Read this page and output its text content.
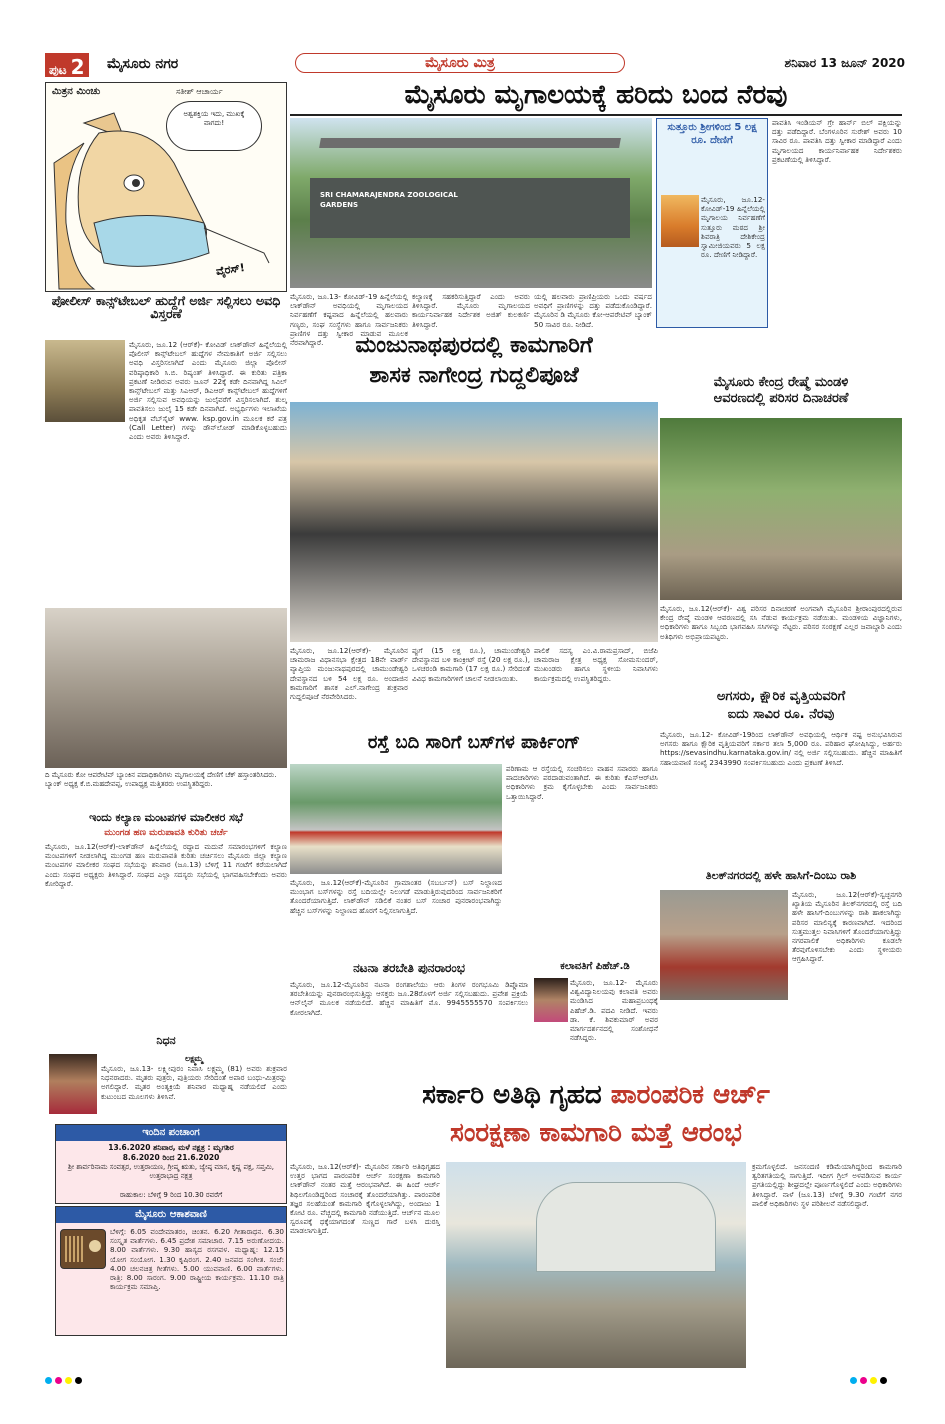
ಪುಟ 2 ಮೈಸೂರು ನಗರ	ಮೈಸೂರು ಮಿತ್ರ	ಶನಿವಾರ 13 ಜೂನ್ 2020
ಮಿತ್ರನ ಮಿಂಚು	ಸತೀಶ್ ಆಚಾರ್ಯ
ಅಶ್ವಶಕ್ತಿಯ ಇದು, ಮುಖಕ್ಕೆ ವಾಗದು!
ವೈರಸ್!
ಪೋಲೀಸ್ ಕಾನ್ಸ್‌ಟೇಬಲ್ ಹುದ್ದೆಗೆ ಅರ್ಜಿ ಸಲ್ಲಿಸಲು ಅವಧಿ ವಿಸ್ತರಣೆ
ಮೈಸೂರು, ಜೂ.12 (ಆರ್‌ಕೆ)- ಕೋವಿಡ್ ಲಾಕ್‌ಡೌನ್ ಹಿನ್ನೆಲೆಯಲ್ಲಿ ಪೊಲೀಸ್ ಕಾನ್ಸ್‌ಟೇಬಲ್ ಹುದ್ದೆಗಳ ನೇಮಕಾತಿಗೆ ಅರ್ಜಿ ಸಲ್ಲಿಸಲು ಅವಧಿ ವಿಸ್ತರಿಸಲಾಗಿದೆ ಎಂದು ಮೈಸೂರು ಜಿಲ್ಲಾ ಪೊಲೀಸ್ ವರಿಷ್ಠಾಧಿಕಾರಿ ಸಿ.ಬಿ. ರಿಷ್ಯಂತ್ ತಿಳಿಸಿದ್ದಾರೆ. ಈ ಕುರಿತು ಪತ್ರಿಕಾ ಪ್ರಕಟಣೆ ನೀಡಿರುವ ಅವರು ಜೂನ್ 22ಕ್ಕೆ ಕಡೇ ದಿನವಾಗಿದ್ದ ಸಿವಿಲ್ ಕಾನ್ಸ್‌ಟೇಬಲ್ ಮತ್ತು ಸಿಎಆರ್, ಡಿಎಆರ್ ಕಾನ್ಸ್‌ಟೇಬಲ್ ಹುದ್ದೆಗಳಿಗೆ ಅರ್ಜಿ ಸಲ್ಲಿಸುವ ಅವಧಿಯನ್ನು ಜುಲೈವರೆಗೆ ವಿಸ್ತರಿಸಲಾಗಿದೆ. ಶುಲ್ಕ ಪಾವತಿಸಲು ಜುಲೈ 15 ಕಡೇ ದಿನವಾಗಿದೆ. ಅಭ್ಯರ್ಥಿಗಳು ಇಲಾಖೆಯ ಅಧಿಕೃತ ವೆಬ್‌ಸೈಟ್ www. ksp.gov.in ಮೂಲಕ ಕರೆ ಪತ್ರ (Call Letter) ಗಳನ್ನು ಡೌನ್‌ಲೋಡ್ ಮಾಡಿಕೊಳ್ಳಬಹುದು ಎಂದು ಅವರು ತಿಳಿಸಿದ್ದಾರೆ.
ದಿ ಮೈಸೂರು ಕೋ ಆಪರೇಟಿವ್ ಬ್ಯಾಂಕಿನ ಪದಾಧಿಕಾರಿಗಳು ಮೃಗಾಲಯಕ್ಕೆ ದೇಣಿಗೆ ಚೆಕ್ ಹಸ್ತಾಂತರಿಸಿದರು. ಬ್ಯಾಂಕ್ ಅಧ್ಯಕ್ಷ ಕೆ.ಬಿ.ಮಹದೇವಪ್ಪ, ಉಪಾಧ್ಯಕ್ಷ ಮತ್ತಿತರರು ಉಪಸ್ಥಿತರಿದ್ದರು.
ಇಂದು ಕಲ್ಯಾಣ ಮಂಟಪಗಳ ಮಾಲೀಕರ ಸಭೆ
ಮುಂಗಡ ಹಣ ಮರುಪಾವತಿ ಕುರಿತು ಚರ್ಚೆ
ಮೈಸೂರು, ಜೂ.12(ಆರ್‌ಕೆ)-ಲಾಕ್‌ಡೌನ್ ಹಿನ್ನೆಲೆಯಲ್ಲಿ ರದ್ದಾದ ಮದುವೆ ಸಮಾರಂಭಗಳಿಗೆ ಕಲ್ಯಾಣ ಮಂಟಪಗಳಿಗೆ ನೀಡಲಾಗಿದ್ದ ಮುಂಗಡ ಹಣ ಮರುಪಾವತಿ ಕುರಿತು ಚರ್ಚಿಸಲು ಮೈಸೂರು ಜಿಲ್ಲಾ ಕಲ್ಯಾಣ ಮಂಟಪಗಳ ಮಾಲೀಕರ ಸಂಘದ ಸಭೆಯನ್ನು ಶನಿವಾರ (ಜೂ.13) ಬೆಳಿಗ್ಗೆ 11 ಗಂಟೆಗೆ ಕರೆಯಲಾಗಿದೆ ಎಂದು ಸಂಘದ ಅಧ್ಯಕ್ಷರು ತಿಳಿಸಿದ್ದಾರೆ. ಸಂಘದ ಎಲ್ಲಾ ಸದಸ್ಯರು ಸಭೆಯಲ್ಲಿ ಭಾಗವಹಿಸಬೇಕೆಂದು ಅವರು ಕೋರಿದ್ದಾರೆ.
ನಿಧನ
ಲಕ್ಷ್ಮಮ್ಮ
ಮೈಸೂರು, ಜೂ.13- ಲಕ್ಷ್ಮೀಪುರಂ ನಿವಾಸಿ ಲಕ್ಷ್ಮಮ್ಮ (81) ಅವರು ಶುಕ್ರವಾರ ನಿಧನರಾದರು. ಮೃತರು ಪುತ್ರರು, ಪುತ್ರಿಯರು ಸೇರಿದಂತೆ ಅಪಾರ ಬಂಧು-ಮಿತ್ರರನ್ನು ಅಗಲಿದ್ದಾರೆ. ಮೃತರ ಅಂತ್ಯಕ್ರಿಯೆ ಶನಿವಾರ ಮಧ್ಯಾಹ್ನ ನಡೆಯಲಿದೆ ಎಂದು ಕುಟುಂಬದ ಮೂಲಗಳು ತಿಳಿಸಿವೆ.
ಇಂದಿನ ಪಂಚಾಂಗ
13.6.2020 ಶನಿವಾರ, ಮಳೆ ನಕ್ಷತ್ರ : ಮೃಗಶಿರ
8.6.2020 ರಿಂದ 21.6.2020
ಶ್ರೀ ಶಾರ್ವರಿನಾಮ ಸಂವತ್ಸರ, ಉತ್ತರಾಯಣ, ಗ್ರೀಷ್ಮ ಋತು, ಜ್ಯೇಷ್ಠ ಮಾಸ, ಕೃಷ್ಣ ಪಕ್ಷ, ಸಪ್ತಮಿ, ಉತ್ತರಾಭಾದ್ರ ನಕ್ಷತ್ರ
ರಾಹುಕಾಲ: ಬೆಳಿಗ್ಗೆ 9 ರಿಂದ 10.30 ರವರೆಗೆ
ಮೈಸೂರು ಆಕಾಶವಾಣಿ
ಬೆಳಿಗ್ಗೆ: 6.05 ವಂದೇಮಾತರಂ, ಚಿಂತನ. 6.20 ಗೀತಾರಾಧನ. 6.30 ಸಂಸ್ಕೃತ ವಾರ್ತೆಗಳು. 6.45 ಪ್ರದೇಶ ಸಮಾಚಾರ. 7.15 ಅರುಣೋದಯ. 8.00 ವಾರ್ತೆಗಳು. 9.30 ಹಾಸ್ಯದ ರಸಗವಳ. ಮಧ್ಯಾಹ್ನ: 12.15 ಯೋಗ ಸಂಯೋಗ. 1.30 ಕೃಷಿರಂಗ. 2.40 ಜನಪದ ಸಂಗೀತ. ಸಂಜೆ: 4.00 ಚಲನಚಿತ್ರ ಗೀತೆಗಳು. 5.00 ಯುವವಾಣಿ. 6.00 ವಾರ್ತೆಗಳು. ರಾತ್ರಿ: 8.00 ಸಾರಂಗ. 9.00 ರಾಷ್ಟ್ರೀಯ ಕಾರ್ಯಕ್ರಮ. 11.10 ರಾತ್ರಿ ಕಾರ್ಯಕ್ರಮ ಸಮಾಪ್ತಿ.
ಮೈಸೂರು ಮೃಗಾಲಯಕ್ಕೆ ಹರಿದು ಬಂದ ನೆರವು
SRI CHAMARAJENDRA ZOOLOGICAL GARDENS
ಸುತ್ತೂರು ಶ್ರೀಗಳಿಂದ 5 ಲಕ್ಷ ರೂ. ದೇಣಿಗೆ
ಮೈಸೂರು, ಜೂ.12- ಕೋವಿಡ್-19 ಹಿನ್ನೆಲೆಯಲ್ಲಿ ಮೃಗಾಲಯ ನಿರ್ವಹಣೆಗೆ ಸುತ್ತೂರು ಮಠದ ಶ್ರೀ ಶಿವರಾತ್ರಿ ದೇಶಿಕೇಂದ್ರ ಸ್ವಾಮೀಜಿಯವರು 5 ಲಕ್ಷ ರೂ. ದೇಣಿಗೆ ನೀಡಿದ್ದಾರೆ.
ಪಾವತಿಸಿ ಇಂಡಿಯನ್ ಗ್ರೇ ಹಾರ್ನ್ ಬಿಲ್ ಪಕ್ಷಿಯನ್ನು ದತ್ತು ಪಡೆದಿದ್ದಾರೆ. ಬೆಂಗಳೂರಿನ ಸುರೇಶ್ ಅವರು 10 ಸಾವಿರ ರೂ. ಪಾವತಿಸಿ ದತ್ತು ಸ್ವೀಕಾರ ಮಾಡಿದ್ದಾರೆ ಎಂದು ಮೃಗಾಲಯದ ಕಾರ್ಯನಿರ್ವಾಹಕ ನಿರ್ದೇಶಕರು ಪ್ರಕಟಣೆಯಲ್ಲಿ ತಿಳಿಸಿದ್ದಾರೆ.
ಮೈಸೂರು, ಜೂ.13- ಕೋವಿಡ್-19 ಹಿನ್ನೆಲೆಯಲ್ಲಿ ಲಾಕ್‌ಡೌನ್ ಅವಧಿಯಲ್ಲಿ ಮೃಗಾಲಯದ ನಿರ್ವಹಣೆಗೆ ಕಷ್ಟವಾದ ಹಿನ್ನೆಲೆಯಲ್ಲಿ ಹಲವಾರು ಗಣ್ಯರು, ಸಂಘ ಸಂಸ್ಥೆಗಳು ಹಾಗೂ ಸಾರ್ವಜನಿಕರು ಪ್ರಾಣಿಗಳ ದತ್ತು ಸ್ವೀಕಾರ ಮಾಡುವ ಮೂಲಕ ನೆರವಾಗಿದ್ದಾರೆ.
ಕಲ್ಯಾಣಕ್ಕೆ ಸಹಕರಿಸುತ್ತಿದ್ದಾರೆ ಎಂದು ಅವರು ತಿಳಿಸಿದ್ದಾರೆ. ಮೈಸೂರು ಮೃಗಾಲಯದ ಕಾರ್ಯನಿರ್ವಾಹಕ ನಿರ್ದೇಶಕ ಅಜಿತ್ ಕುಲಕರ್ಣಿ ತಿಳಿಸಿದ್ದಾರೆ.
ಯಲ್ಲಿ ಹಲವಾರು ಪ್ರಾಣಿಪ್ರಿಯರು ಒಂದು ವರ್ಷದ ಅವಧಿಗೆ ಪ್ರಾಣಿಗಳನ್ನು ದತ್ತು ಪಡೆದುಕೊಂಡಿದ್ದಾರೆ. ಮೈಸೂರಿನ ಡಿ ಮೈಸೂರು ಕೋ-ಆಪರೇಟಿವ್ ಬ್ಯಾಂಕ್ 50 ಸಾವಿರ ರೂ. ನೀಡಿದೆ.
ಮಂಜುನಾಥಪುರದಲ್ಲಿ ಕಾಮಗಾರಿಗೆ
ಶಾಸಕ ನಾಗೇಂದ್ರ ಗುದ್ದಲಿಪೂಜೆ
ಮೈಸೂರು, ಜೂ.12(ಆರ್‌ಕೆ)- ಮೈಸೂರಿನ ಚಾಮರಾಜ ವಿಧಾನಸಭಾ ಕ್ಷೇತ್ರದ 18ನೇ ವಾರ್ಡ್ ವ್ಯಾಪ್ತಿಯ ಮಂಜುನಾಥಪುರದಲ್ಲಿ ಚಾಮುಂಡೇಶ್ವರಿ ದೇವಸ್ಥಾನದ ಬಳಿ 54 ಲಕ್ಷ ರೂ. ಅಂದಾಜಿನ ಕಾಮಗಾರಿಗೆ ಶಾಸಕ ಎಲ್.ನಾಗೇಂದ್ರ ಶುಕ್ರವಾರ ಗುದ್ದಲಿಪೂಜೆ ನೆರವೇರಿಸಿದರು.
ಪ್ಪುಗೆ (15 ಲಕ್ಷ ರೂ.), ಚಾಮುಂಡೇಶ್ವರಿ ದೇವಸ್ಥಾನದ ಬಳಿ ಕಾಂಕ್ರೀಟ್ ರಸ್ತೆ (20 ಲಕ್ಷ ರೂ.), ಒಳಚರಂಡಿ ಕಾಮಗಾರಿ (17 ಲಕ್ಷ ರೂ.) ಸೇರಿದಂತೆ ವಿವಿಧ ಕಾಮಗಾರಿಗಳಿಗೆ ಚಾಲನೆ ನೀಡಲಾಯಿತು.
ಪಾಲಿಕೆ ಸದಸ್ಯ ಎಂ.ವಿ.ರಾಮಪ್ರಸಾದ್, ಬಿಜೆಪಿ ಚಾಮರಾಜ ಕ್ಷೇತ್ರ ಅಧ್ಯಕ್ಷ ಸೋಮಸುಂದರ್, ಮುಖಂಡರು ಹಾಗೂ ಸ್ಥಳೀಯ ನಿವಾಸಿಗಳು ಕಾರ್ಯಕ್ರಮದಲ್ಲಿ ಉಪಸ್ಥಿತರಿದ್ದರು.
ಮೈಸೂರು ಕೇಂದ್ರ ರೇಷ್ಮೆ ಮಂಡಳಿ
ಆವರಣದಲ್ಲಿ ಪರಿಸರ ದಿನಾಚರಣೆ
ಮೈಸೂರು, ಜೂ.12(ಆರ್‌ಕೆ)- ವಿಶ್ವ ಪರಿಸರ ದಿನಾಚರಣೆ ಅಂಗವಾಗಿ ಮೈಸೂರಿನ ಶ್ರೀರಾಂಪುರದಲ್ಲಿರುವ ಕೇಂದ್ರ ರೇಷ್ಮೆ ಮಂಡಳಿ ಆವರಣದಲ್ಲಿ ಸಸಿ ನೆಡುವ ಕಾರ್ಯಕ್ರಮ ನಡೆಯಿತು. ಮಂಡಳಿಯ ವಿಜ್ಞಾನಿಗಳು, ಅಧಿಕಾರಿಗಳು ಹಾಗೂ ಸಿಬ್ಬಂದಿ ಭಾಗವಹಿಸಿ ಸಸಿಗಳನ್ನು ನೆಟ್ಟರು. ಪರಿಸರ ಸಂರಕ್ಷಣೆ ಎಲ್ಲರ ಜವಾಬ್ದಾರಿ ಎಂದು ಅತಿಥಿಗಳು ಅಭಿಪ್ರಾಯಪಟ್ಟರು.
ಅಗಸರು, ಕ್ಷೌರಿಕ ವೃತ್ತಿಯವರಿಗೆ
ಐದು ಸಾವಿರ ರೂ. ನೆರವು
ಮೈಸೂರು, ಜೂ.12- ಕೋವಿಡ್-19ರಿಂದ ಲಾಕ್‌ಡೌನ್ ಅವಧಿಯಲ್ಲಿ ಆರ್ಥಿಕ ನಷ್ಟ ಅನುಭವಿಸಿರುವ ಅಗಸರು ಹಾಗೂ ಕ್ಷೌರಿಕ ವೃತ್ತಿಯವರಿಗೆ ಸರ್ಕಾರ ತಲಾ 5,000 ರೂ. ಪರಿಹಾರ ಘೋಷಿಸಿದ್ದು, ಅರ್ಹರು https://sevasindhu.karnataka.gov.in/ ನಲ್ಲಿ ಅರ್ಜಿ ಸಲ್ಲಿಸಬಹುದು. ಹೆಚ್ಚಿನ ಮಾಹಿತಿಗೆ ಸಹಾಯವಾಣಿ ಸಂಖ್ಯೆ 2343990 ಸಂಪರ್ಕಿಸಬಹುದು ಎಂದು ಪ್ರಕಟಣೆ ತಿಳಿಸಿದೆ.
ತಿಲಕ್‌ನಗರದಲ್ಲಿ ಹಳೇ ಹಾಸಿಗೆ-ದಿಂಬು ರಾಶಿ
ಮೈಸೂರು, ಜೂ.12(ಆರ್‌ಕೆ)-ಸ್ವಚ್ಛನಗರಿ ಖ್ಯಾತಿಯ ಮೈಸೂರಿನ ತಿಲಕ್‌ನಗರದಲ್ಲಿ ರಸ್ತೆ ಬದಿ ಹಳೇ ಹಾಸಿಗೆ-ದಿಂಬುಗಳನ್ನು ರಾಶಿ ಹಾಕಲಾಗಿದ್ದು ಪರಿಸರ ಮಾಲಿನ್ಯಕ್ಕೆ ಕಾರಣವಾಗಿದೆ. ಇದರಿಂದ ಸುತ್ತಮುತ್ತಲ ನಿವಾಸಿಗಳಿಗೆ ತೊಂದರೆಯಾಗುತ್ತಿದ್ದು ನಗರಪಾಲಿಕೆ ಅಧಿಕಾರಿಗಳು ಕೂಡಲೇ ತೆರವುಗೊಳಿಸಬೇಕು ಎಂದು ಸ್ಥಳೀಯರು ಆಗ್ರಹಿಸಿದ್ದಾರೆ.
ರಸ್ತೆ ಬದಿ ಸಾರಿಗೆ ಬಸ್‌ಗಳ ಪಾರ್ಕಿಂಗ್
ಮೈಸೂರು, ಜೂ.12(ಆರ್‌ಕೆ)-ಮೈಸೂರಿನ ಗ್ರಾಮಾಂತರ (ಸಬರ್ಬನ್) ಬಸ್ ನಿಲ್ದಾಣದ ಮುಂಭಾಗ ಬಸ್‌ಗಳನ್ನು ರಸ್ತೆ ಬದಿಯಲ್ಲೇ ನಿಲುಗಡೆ ಮಾಡುತ್ತಿರುವುದರಿಂದ ಸಾರ್ವಜನಿಕರಿಗೆ ತೊಂದರೆಯಾಗುತ್ತಿದೆ. ಲಾಕ್‌ಡೌನ್ ಸಡಿಲಿಕೆ ನಂತರ ಬಸ್ ಸಂಚಾರ ಪುನರಾರಂಭವಾಗಿದ್ದು ಹೆಚ್ಚಿನ ಬಸ್‌ಗಳನ್ನು ನಿಲ್ದಾಣದ ಹೊರಗೆ ನಿಲ್ಲಿಸಲಾಗುತ್ತಿದೆ.
ಪರಿಣಾಮ ಆ ರಸ್ತೆಯಲ್ಲಿ ಸಂಚರಿಸಲು ವಾಹನ ಸವಾರರು ಹಾಗೂ ಪಾದಚಾರಿಗಳು ಪರದಾಡುವಂತಾಗಿದೆ. ಈ ಕುರಿತು ಕೆಎಸ್‌ಆರ್‌ಟಿಸಿ ಅಧಿಕಾರಿಗಳು ಕ್ರಮ ಕೈಗೊಳ್ಳಬೇಕು ಎಂದು ಸಾರ್ವಜನಿಕರು ಒತ್ತಾಯಿಸಿದ್ದಾರೆ.
ನಟನಾ ತರಬೇತಿ ಪುನರಾರಂಭ
ಮೈಸೂರು, ಜೂ.12-ಮೈಸೂರಿನ ನಟನಾ ರಂಗಶಾಲೆಯು ಆರು ತಿಂಗಳ ರಂಗಭೂಮಿ ಡಿಪ್ಲೊಮಾ ತರಬೇತಿಯನ್ನು ಪುನರಾರಂಭಿಸುತ್ತಿದ್ದು ಆಸಕ್ತರು ಜೂ.28ರೊಳಗೆ ಅರ್ಜಿ ಸಲ್ಲಿಸಬಹುದು. ಪ್ರವೇಶ ಪ್ರಕ್ರಿಯೆ ಆನ್‌ಲೈನ್ ಮೂಲಕ ನಡೆಯಲಿದೆ. ಹೆಚ್ಚಿನ ಮಾಹಿತಿಗೆ ಮೊ. 9945555570 ಸಂಪರ್ಕಿಸಲು ಕೋರಲಾಗಿದೆ.
ಕಲಾವತಿಗೆ ಪಿಹೆಚ್.ಡಿ
ಮೈಸೂರು, ಜೂ.12- ಮೈಸೂರು ವಿಶ್ವವಿದ್ಯಾನಿಲಯವು ಕಲಾವತಿ ಅವರು ಮಂಡಿಸಿದ ಮಹಾಪ್ರಬಂಧಕ್ಕೆ ಪಿಹೆಚ್.ಡಿ. ಪದವಿ ನೀಡಿದೆ. ಇವರು ಡಾ. ಕೆ. ಶಿವಕುಮಾರ್ ಅವರ ಮಾರ್ಗದರ್ಶನದಲ್ಲಿ ಸಂಶೋಧನೆ ನಡೆಸಿದ್ದರು.
ಸರ್ಕಾರಿ ಅತಿಥಿ ಗೃಹದ ಪಾರಂಪರಿಕ ಆರ್ಚ್
ಸಂರಕ್ಷಣಾ ಕಾಮಗಾರಿ ಮತ್ತೆ ಆರಂಭ
ಮೈಸೂರು, ಜೂ.12(ಆರ್‌ಕೆ)- ಮೈಸೂರಿನ ಸರ್ಕಾರಿ ಅತಿಥಿಗೃಹದ ಉತ್ತರ ಭಾಗದ ಪಾರಂಪರಿಕ ಆರ್ಚ್ ಸಂರಕ್ಷಣಾ ಕಾಮಗಾರಿ ಲಾಕ್‌ಡೌನ್ ನಂತರ ಮತ್ತೆ ಆರಂಭವಾಗಿದೆ. ಈ ಹಿಂದೆ ಆರ್ಚ್ ಶಿಥಿಲಗೊಂಡಿದ್ದರಿಂದ ಸಂಚಾರಕ್ಕೆ ತೊಂದರೆಯಾಗಿತ್ತು. ಪಾರಂಪರಿಕ ತಜ್ಞರ ಸಲಹೆಯಂತೆ ಕಾಮಗಾರಿ ಕೈಗೊಳ್ಳಲಾಗಿದ್ದು, ಅಂದಾಜು 1 ಕೋಟಿ ರೂ. ವೆಚ್ಚದಲ್ಲಿ ಕಾಮಗಾರಿ ನಡೆಯುತ್ತಿದೆ. ಆರ್ಚ್‌ನ ಮೂಲ ಸ್ವರೂಪಕ್ಕೆ ಧಕ್ಕೆಯಾಗದಂತೆ ಸುಣ್ಣದ ಗಾರೆ ಬಳಸಿ ದುರಸ್ತಿ ಮಾಡಲಾಗುತ್ತಿದೆ.
ಕ್ರಮಗೊಳ್ಳಲಿದೆ. ಜನಸಂದಣಿ ಕಡಿಮೆಯಾಗಿದ್ದರಿಂದ ಕಾಮಗಾರಿ ತ್ವರಿತಗತಿಯಲ್ಲಿ ಸಾಗುತ್ತಿದೆ. ಇದೀಗ ಗ್ರಿಲ್ ಅಳವಡಿಸುವ ಕಾರ್ಯ ಪ್ರಗತಿಯಲ್ಲಿದ್ದು ಶೀಘ್ರದಲ್ಲೇ ಪೂರ್ಣಗೊಳ್ಳಲಿದೆ ಎಂದು ಅಧಿಕಾರಿಗಳು ತಿಳಿಸಿದ್ದಾರೆ. ನಾಳೆ (ಜೂ.13) ಬೆಳಿಗ್ಗೆ 9.30 ಗಂಟೆಗೆ ನಗರ ಪಾಲಿಕೆ ಅಧಿಕಾರಿಗಳು ಸ್ಥಳ ಪರಿಶೀಲನೆ ನಡೆಸಲಿದ್ದಾರೆ.
